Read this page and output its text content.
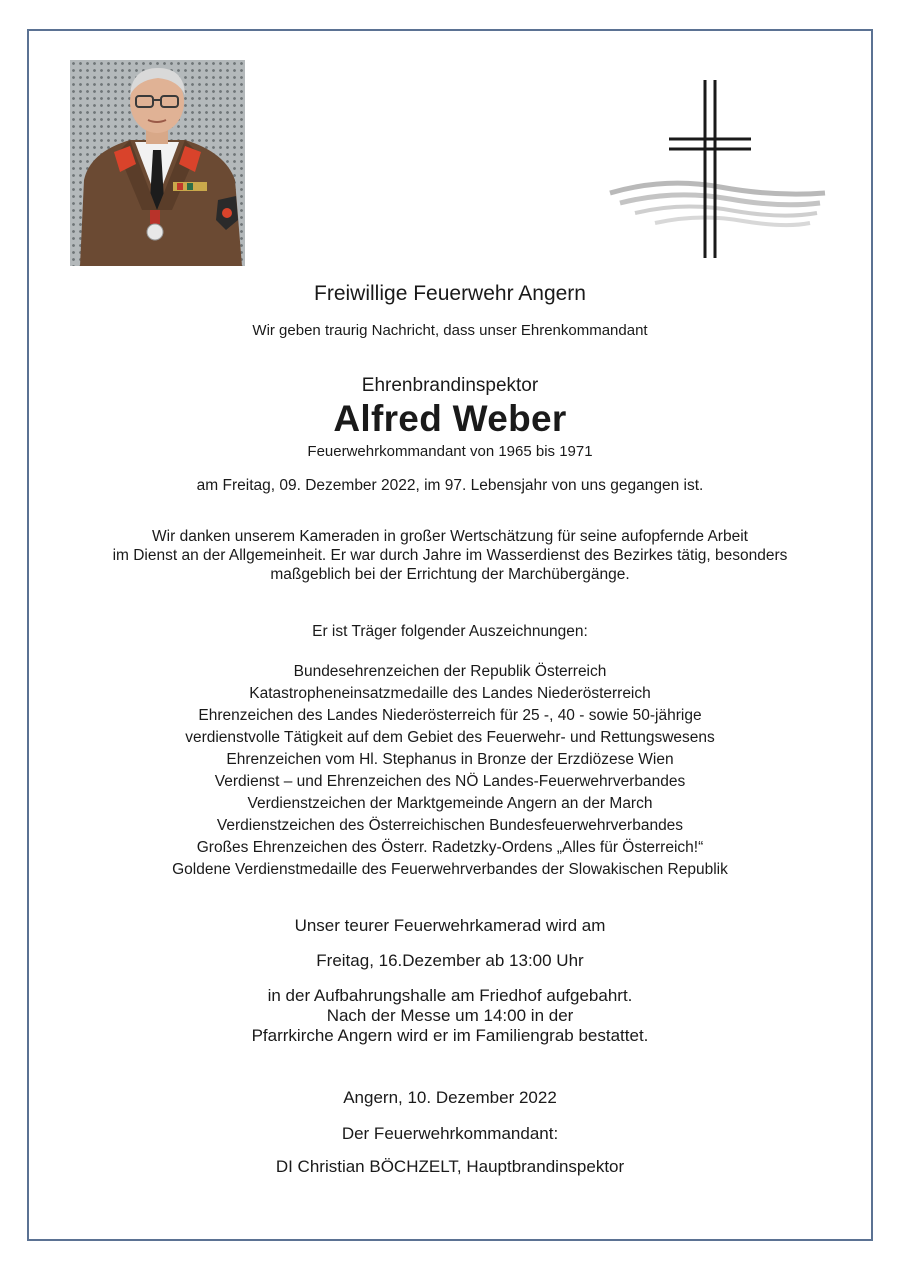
Freiwillige Feuerwehr Angern
Wir geben traurig Nachricht, dass unser Ehrenkommandant
Ehrenbrandinspektor
Alfred Weber
Feuerwehrkommandant von 1965 bis 1971
am Freitag, 09. Dezember 2022, im 97. Lebensjahr von uns gegangen ist.
Wir danken unserem Kameraden in großer Wertschätzung für seine aufopfernde Arbeit
im Dienst an der Allgemeinheit. Er war durch Jahre im Wasserdienst des Bezirkes tätig, besonders
maßgeblich bei der Errichtung der Marchübergänge.
Er ist Träger folgender Auszeichnungen:
Bundesehrenzeichen der Republik Österreich
Katastropheneinsatzmedaille des Landes Niederösterreich
Ehrenzeichen des Landes Niederösterreich für 25 -, 40 - sowie 50-jährige
verdienstvolle Tätigkeit auf dem Gebiet des Feuerwehr- und Rettungswesens
Ehrenzeichen vom Hl. Stephanus in Bronze der Erzdiözese Wien
Verdienst – und Ehrenzeichen des NÖ Landes-Feuerwehrverbandes
Verdienstzeichen der Marktgemeinde Angern an der March
Verdienstzeichen des Österreichischen Bundesfeuerwehrverbandes
Großes Ehrenzeichen des Österr. Radetzky-Ordens „Alles für Österreich!“
Goldene Verdienstmedaille des Feuerwehrverbandes der Slowakischen Republik
Unser teurer Feuerwehrkamerad wird am
Freitag, 16.Dezember ab 13:00 Uhr
in der Aufbahrungshalle am Friedhof aufgebahrt.
Nach der Messe um 14:00 in der
Pfarrkirche Angern wird er im Familiengrab bestattet.
Angern, 10. Dezember 2022
Der Feuerwehrkommandant:
DI Christian BÖCHZELT, Hauptbrandinspektor
